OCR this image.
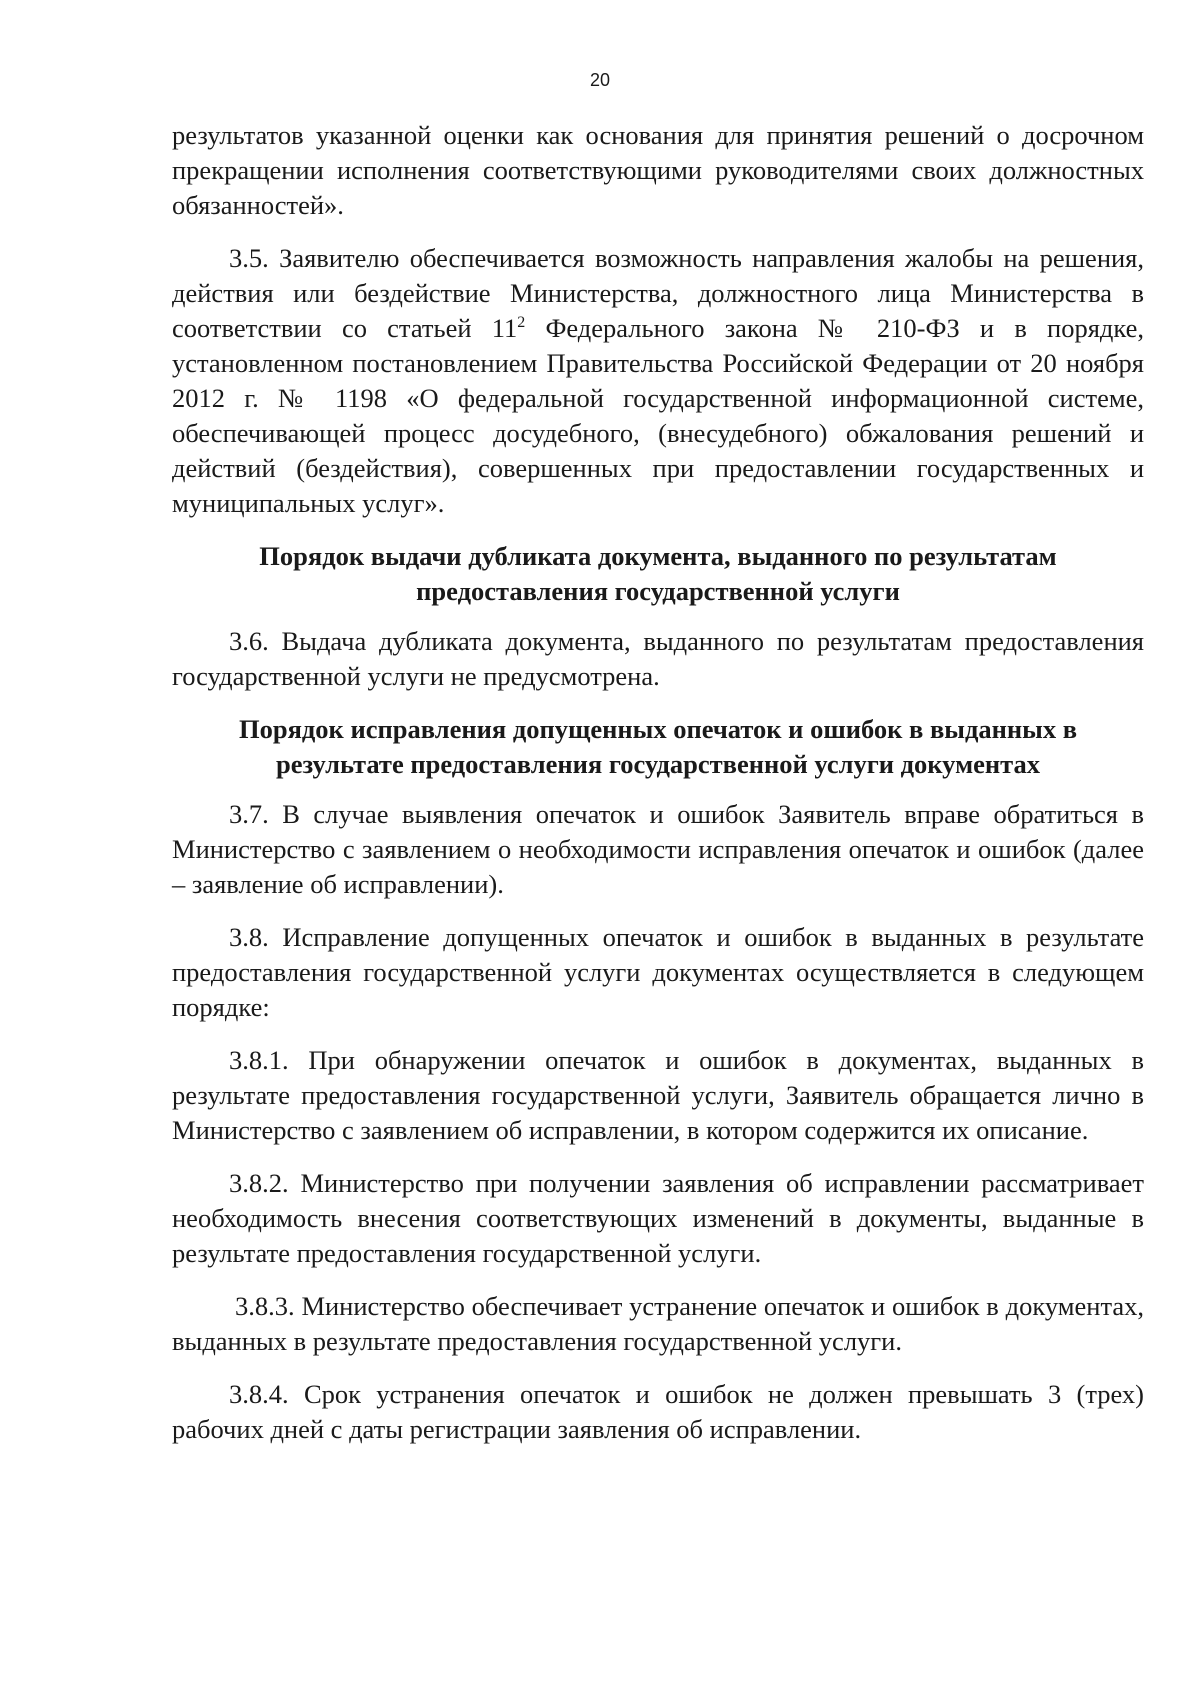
20

результатов указанной оценки как основания для принятия решений о досрочном прекращении исполнения соответствующими руководителями своих должностных обязанностей».

3.5. Заявителю обеспечивается возможность направления жалобы на решения, действия или бездействие Министерства, должностного лица Министерства в соответствии со статьей $11^2$ Федерального закона № 210-ФЗ и в порядке, установленном постановлением Правительства Российской Федерации от 20 ноября 2012 г. № 1198 «О федеральной государственной информационной системе, обеспечивающей процесс досудебного, (внесудебного) обжалования решений и действий (бездействия), совершенных при предоставлении государственных и муниципальных услуг».

Порядок выдачи дубликата документа, выданного по результатам
предоставления государственной услуги

3.6. Выдача дубликата документа, выданного по результатам предоставления государственной услуги не предусмотрена.

Порядок исправления допущенных опечаток и ошибок в выданных в
результате предоставления государственной услуги документах

3.7. В случае выявления опечаток и ошибок Заявитель вправе обратиться в Министерство с заявлением о необходимости исправления опечаток и ошибок (далее – заявление об исправлении).

3.8. Исправление допущенных опечаток и ошибок в выданных в результате предоставления государственной услуги документах осуществляется в следующем порядке:

3.8.1. При обнаружении опечаток и ошибок в документах, выданных в результате предоставления государственной услуги, Заявитель обращается лично в Министерство с заявлением об исправлении, в котором содержится их описание.

3.8.2. Министерство при получении заявления об исправлении рассматривает необходимость внесения соответствующих изменений в документы, выданные в результате предоставления государственной услуги.

3.8.3. Министерство обеспечивает устранение опечаток и ошибок в документах, выданных в результате предоставления государственной услуги.

3.8.4. Срок устранения опечаток и ошибок не должен превышать 3 (трех) рабочих дней с даты регистрации заявления об исправлении.
